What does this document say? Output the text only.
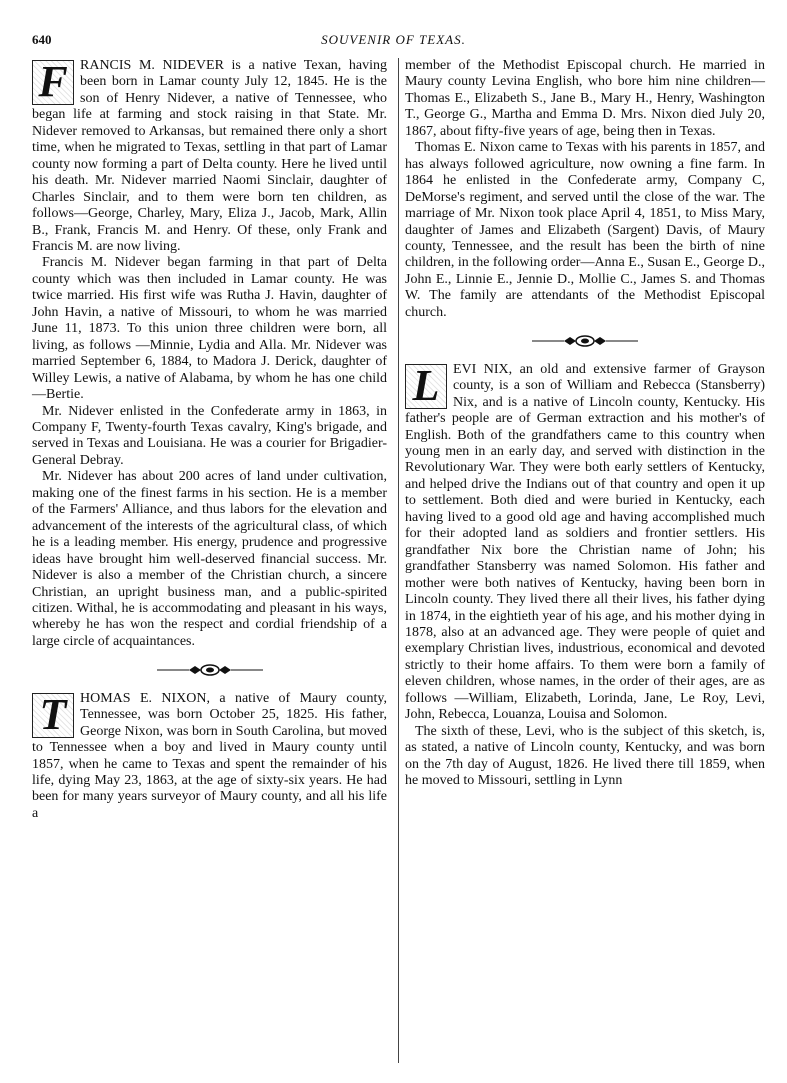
640	SOUVENIR OF TEXAS.

F RANCIS M. NIDEVER is a native Texan, having been born in Lamar county July 12, 1845. He is the son of Henry Nidever, a native of Tennessee, who began life at farming and stock raising in that State. Mr. Nidever removed to Arkansas, but remained there only a short time, when he migrated to Texas, settling in that part of Lamar county now forming a part of Delta county. Here he lived until his death. Mr. Nidever married Naomi Sinclair, daughter of Charles Sinclair, and to them were born ten children, as follows—George, Charley, Mary, Eliza J., Jacob, Mark, Allin B., Frank, Francis M. and Henry. Of these, only Frank and Francis M. are now living.

Francis M. Nidever began farming in that part of Delta county which was then included in Lamar county. He was twice married. His first wife was Rutha J. Havin, daughter of John Havin, a native of Missouri, to whom he was married June 11, 1873. To this union three children were born, all living, as follows —Minnie, Lydia and Alla. Mr. Nidever was married September 6, 1884, to Madora J. Derick, daughter of Willey Lewis, a native of Alabama, by whom he has one child—Bertie.

Mr. Nidever enlisted in the Confederate army in 1863, in Company F, Twenty-fourth Texas cavalry, King's brigade, and served in Texas and Louisiana. He was a courier for Brigadier-General Debray.

Mr. Nidever has about 200 acres of land under cultivation, making one of the finest farms in his section. He is a member of the Farmers' Alliance, and thus labors for the elevation and advancement of the interests of the agricultural class, of which he is a leading member. His energy, prudence and progressive ideas have brought him well-deserved financial success. Mr. Nidever is also a member of the Christian church, a sincere Christian, an upright business man, and a public-spirited citizen. Withal, he is accommodating and pleasant in his ways, whereby he has won the respect and cordial friendship of a large circle of acquaintances.

T HOMAS E. NIXON, a native of Maury county, Tennessee, was born October 25, 1825. His father, George Nixon, was born in South Carolina, but moved to Tennessee when a boy and lived in Maury county until 1857, when he came to Texas and spent the remainder of his life, dying May 23, 1863, at the age of sixty-six years. He had been for many years surveyor of Maury county, and all his life a

member of the Methodist Episcopal church. He married in Maury county Levina English, who bore him nine children—Thomas E., Elizabeth S., Jane B., Mary H., Henry, Washington T., George G., Martha and Emma D. Mrs. Nixon died July 20, 1867, about fifty-five years of age, being then in Texas.

Thomas E. Nixon came to Texas with his parents in 1857, and has always followed agriculture, now owning a fine farm. In 1864 he enlisted in the Confederate army, Company C, DeMorse's regiment, and served until the close of the war. The marriage of Mr. Nixon took place April 4, 1851, to Miss Mary, daughter of James and Elizabeth (Sargent) Davis, of Maury county, Tennessee, and the result has been the birth of nine children, in the following order—Anna E., Susan E., George D., John E., Linnie E., Jennie D., Mollie C., James S. and Thomas W. The family are attendants of the Methodist Episcopal church.

L EVI NIX, an old and extensive farmer of Grayson county, is a son of William and Rebecca (Stansberry) Nix, and is a native of Lincoln county, Kentucky. His father's people are of German extraction and his mother's of English. Both of the grandfathers came to this country when young men in an early day, and served with distinction in the Revolutionary War. They were both early settlers of Kentucky, and helped drive the Indians out of that country and open it up to settlement. Both died and were buried in Kentucky, each having lived to a good old age and having accomplished much for their adopted land as soldiers and frontier settlers. His grandfather Nix bore the Christian name of John; his grandfather Stansberry was named Solomon. His father and mother were both natives of Kentucky, having been born in Lincoln county. They lived there all their lives, his father dying in 1874, in the eightieth year of his age, and his mother dying in 1878, also at an advanced age. They were people of quiet and exemplary Christian lives, industrious, economical and devoted strictly to their home affairs. To them were born a family of eleven children, whose names, in the order of their ages, are as follows —William, Elizabeth, Lorinda, Jane, Le Roy, Levi, John, Rebecca, Louanza, Louisa and Solomon.

The sixth of these, Levi, who is the subject of this sketch, is, as stated, a native of Lincoln county, Kentucky, and was born on the 7th day of August, 1826. He lived there till 1859, when he moved to Missouri, settling in Lynn
